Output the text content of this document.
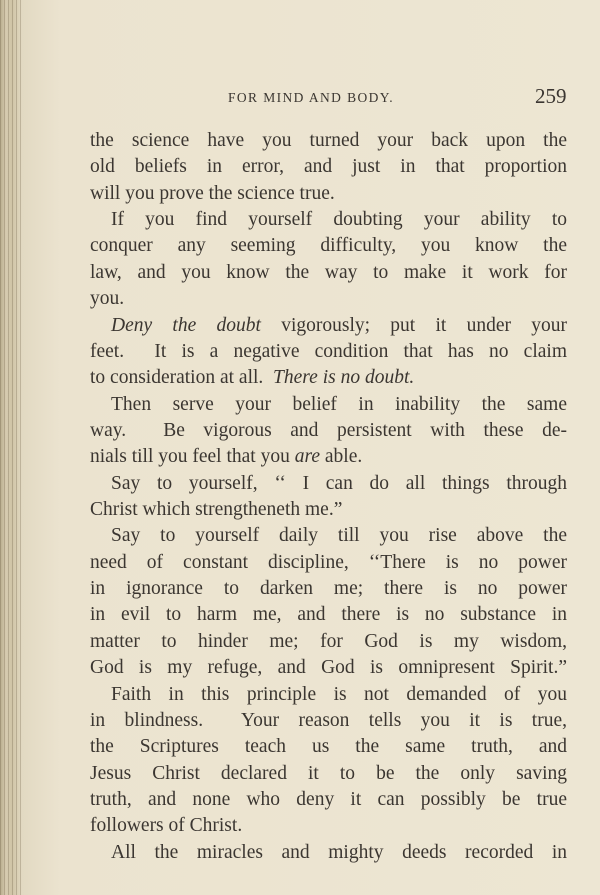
FOR MIND AND BODY.	259
the science have you turned your back upon the
old beliefs in error, and just in that proportion
will you prove the science true.
If you find yourself doubting your ability to
conquer any seeming difficulty, you know the
law, and you know the way to make it work for
you.
Deny the doubt vigorously; put it under your
feet.  It is a negative condition that has no claim
to consideration at all.  There is no doubt.
Then serve your belief in inability the same
way.  Be vigorous and persistent with these de-
nials till you feel that you are able.
Say to yourself, ‘‘ I can do all things through
Christ which strengtheneth me.”
Say to yourself daily till you rise above the
need of constant discipline, ‘‘There is no power
in ignorance to darken me; there is no power
in evil to harm me, and there is no substance in
matter to hinder me; for God is my wisdom,
God is my refuge, and God is omnipresent Spirit.”
Faith in this principle is not demanded of you
in blindness.  Your reason tells you it is true,
the Scriptures teach us the same truth, and
Jesus Christ declared it to be the only saving
truth, and none who deny it can possibly be true
followers of Christ.
All the miracles and mighty deeds recorded in
